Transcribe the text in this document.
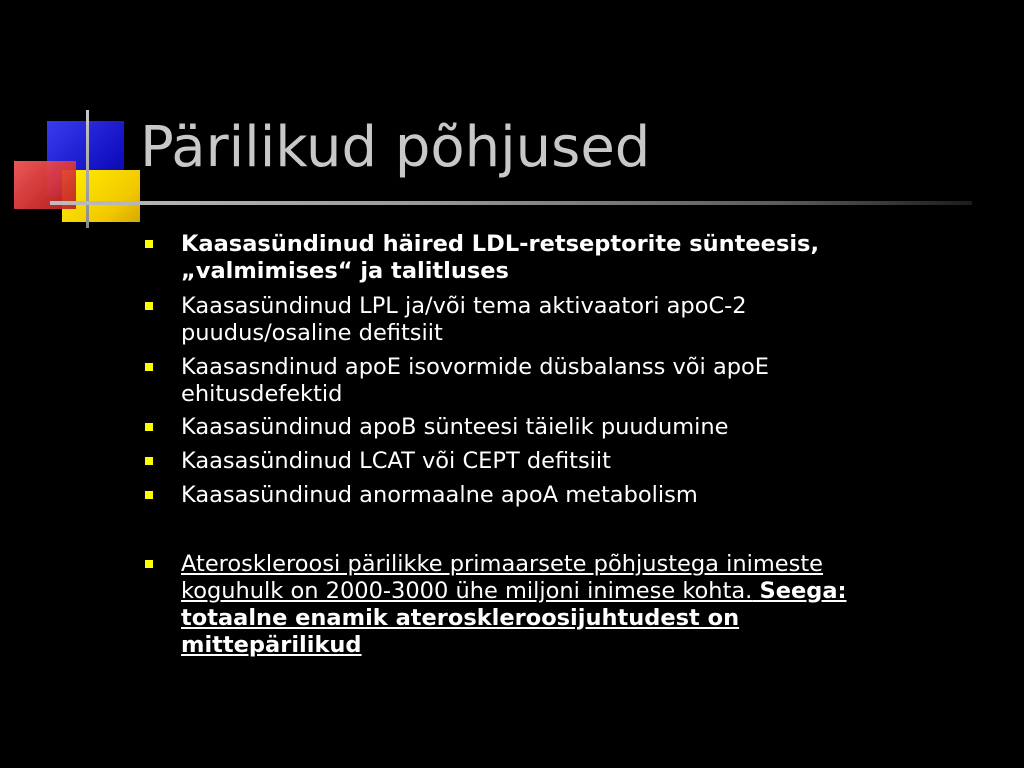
Pärilikud põhjused
Kaasasündinud häired LDL-retseptorite sünteesis,
„valmimises“ ja talitluses
Kaasasündinud LPL ja/või tema aktivaatori apoC-2
puudus/osaline defitsiit
Kaasasndinud apoE isovormide düsbalanss või apoE
ehitusdefektid
Kaasasündinud apoB sünteesi täielik puudumine
Kaasasündinud LCAT või CEPT defitsiit
Kaasasündinud anormaalne apoA metabolism
Ateroskleroosi pärilikke primaarsete põhjustega inimeste
koguhulk on 2000-3000 ühe miljoni inimese kohta. Seega:
totaalne enamik ateroskleroosijuhtudest on
mittepärilikud
